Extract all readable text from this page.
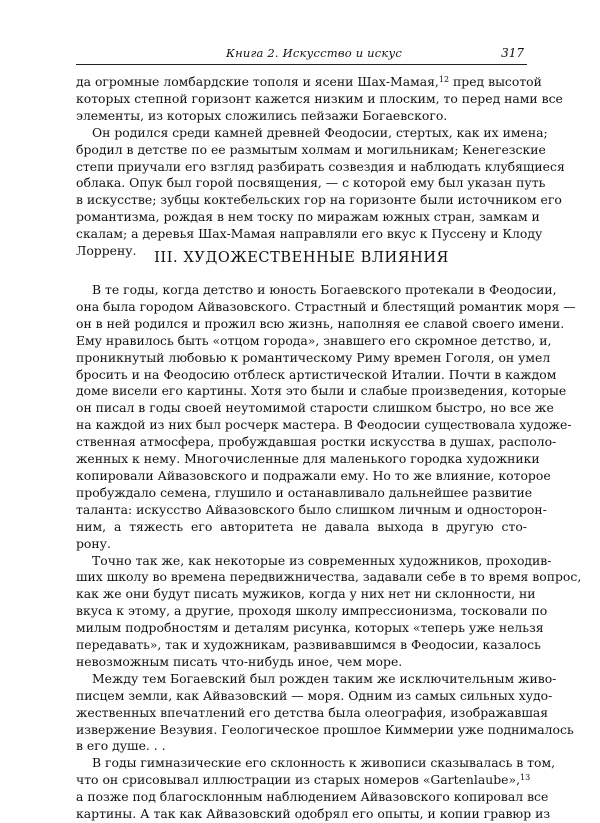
Книга 2. Искусство и искус	317

да огромные ломбардские тополя и ясени Шах-Мамая,$^{12}$ пред высотой
которых степной горизонт кажется низким и плоским, то перед нами все
элементы, из которых сложились пейзажи Богаевского.

Он родился среди камней древней Феодосии, стертых, как их имена;
бродил в детстве по ее размытым холмам и могильникам; Кенегезские
степи приучали его взгляд разбирать созвездия и наблюдать клубящиеся
облака. Опук был горой посвящения, — с которой ему был указан путь
в искусстве; зубцы коктебельских гор на горизонте были источником его
романтизма, рождая в нем тоску по миражам южных стран, замкам и
скалам; а деревья Шах-Мамая направляли его вкус к Пуссену и Клоду
Лоррену.	III. ХУДОЖЕСТВЕННЫЕ ВЛИЯНИЯ

В те годы, когда детство и юность Богаевского протекали в Феодосии,
она была городом Айвазовского. Страстный и блестящий романтик моря —
он в ней родился и прожил всю жизнь, наполняя ее славой своего имени.
Ему нравилось быть «отцом города», знавшего его скромное детство, и,
проникнутый любовью к романтическому Риму времен Гоголя, он умел
бросить и на Феодосию отблеск артистической Италии. Почти в каждом
доме висели его картины. Хотя это были и слабые произведения, которые
он писал в годы своей неутомимой старости слишком быстро, но все же
на каждой из них был росчерк мастера. В Феодосии существовала художе-
ственная атмосфера, пробуждавшая ростки искусства в душах, располо-
женных к нему. Многочисленные для маленького городка художники
копировали Айвазовского и подражали ему. Но то же влияние, которое
пробуждало семена, глушило и останавливало дальнейшее развитие
таланта: искусство Айвазовского было слишком личным и односторон-
ним, а тяжесть его авторитета не давала выхода в другую сто-
рону.

Точно так же, как некоторые из современных художников, проходив-
ших школу во времена передвижничества, задавали себе в то время вопрос,
как же они будут писать мужиков, когда у них нет ни склонности, ни
вкуса к этому, а другие, проходя школу импрессионизма, тосковали по
милым подробностям и деталям рисунка, которых «теперь уже нельзя
передавать», так и художникам, развивавшимся в Феодосии, казалось
невозможным писать что-нибудь иное, чем море.

Между тем Богаевский был рожден таким же исключительным живо-
писцем земли, как Айвазовский — моря. Одним из самых сильных худо-
жественных впечатлений его детства была олеография, изображавшая
извержение Везувия. Геологическое прошлое Киммерии уже поднималось
в его душе. . .

В годы гимназические его склонность к живописи сказывалась в том,
что он срисовывал иллюстрации из старых номеров «Gartenlaube»,$^{13}$
а позже под благосклонным наблюдением Айвазовского копировал все
картины. А так как Айвазовский одобрял его опыты, и копии гравюр из
